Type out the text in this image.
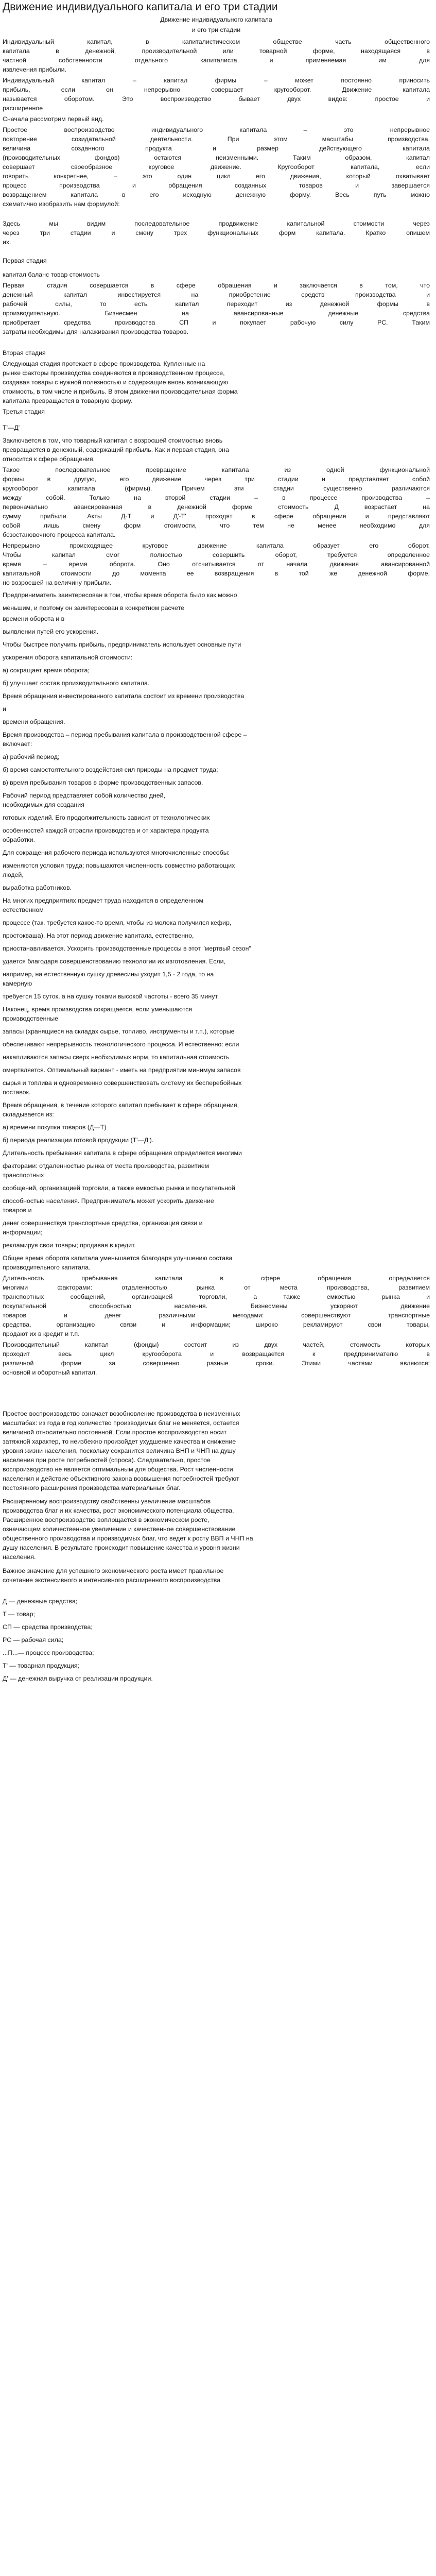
Движение индивидуального капитала и его три стадии
Движение индивидуального капитала
и его три стадии
Индивидуальный капитал, в капиталистическом обществе часть общественного
капитала в денежной, производительной или товарной форме, находящаяся в
частной собственности отдельного капиталиста и применяемая им для
извлечения прибыли.
Индивидуальный капитал – капитал фирмы – может постоянно приносить
прибыль, если он непрерывно совершает кругооборот. Движение капитала
называется оборотом. Это воспроизводство бывает двух видов: простое и
расширенное
Сначала рассмотрим первый вид.
Простое воспроизводство индивидуального капитала – это непрерывное
повторение созидательной деятельности. При этом масштабы производства,
величина созданного продукта и размер действующего капитала
(производительных фондов) остаются неизменными. Таким образом, капитал
совершает своеобразное круговое движение. Кругооборот капитала, если
говорить конкретнее, – это один цикл его движения, который охватывает
процесс производства и обращения созданных товаров и завершается
возвращением капитала в его исходную денежную форму. Весь путь можно
схематично изобразить нам формулой:
Здесь мы видим последовательное продвижение капитальной стоимости через
через три стадии и смену трех функциональных форм капитала. Кратко опишем
их.
Первая стадия
капитал баланс товар стоимость
Первая стадия совершается в сфере обращения и заключается в том, что
денежный капитал инвестируется на приобретение средств производства и
рабочей силы, то есть капитал переходит из денежной формы в
производительную. Бизнесмен на авансированные денежные средства
приобретает средства производства СП и покупает рабочую силу РС. Таким
затраты необходимы для налаживания производства товаров.
Вторая стадия
Следующая стадия протекает в сфере производства. Купленные на
рынке факторы производства соединяются в производственном процессе,
создавая товары с нужной полезностью и содержащие вновь возникающую
стоимость, в том числе и прибыль. В этом движении производительная форма
капитала превращается в товарную форму.
Третья стадия
Т'—Д'
Заключается в том, что товарный капитал с возросшей стоимостью вновь
превращается в денежный, содержащий прибыль. Как и первая стадия, она
относится к сфере обращения.
Такое последовательное превращение капитала из одной функциональной
формы в другую, его движение через три стадии и представляет собой
кругооборот капитала (фирмы). Причем эти стадии существенно различаются
между собой. Только на второй стадии – в процессе производства –
первоначально авансированная в денежной форме стоимость Д возрастает на
сумму прибыли. Акты Д-Т и Д'-Т' проходят в сфере обращения и представляют
собой лишь смену форм стоимости, что тем не менее необходимо для
безостановочного процесса капитала.
Непрерывно происходящее круговое движение капитала образует его оборот.
Чтобы капитал смог полностью совершить оборот, требуется определенное
время – время оборота. Оно отсчитывается от начала движения авансированной
капитальной стоимости до момента ее возвращения в той же денежной форме,
но возросшей на величину прибыли.
Предприниматель заинтересован в том, чтобы время оборота было как можно
меньшим, и поэтому он заинтересован в конкретном расчете
времени оборота и в
выявлении путей его ускорения.
Чтобы быстрее получить прибыль, предприниматель использует основные пути
ускорения оборота капитальной стоимости:
а) сокращает время оборота;
б) улучшает состав производительного капитала.
Время обращения инвестированного капитала состоит из времени производства
и
времени обращения.
Время производства – период пребывания капитала в производственной сфере –
включает:
а) рабочий период;
б) время самостоятельного воздействия сил природы на предмет труда;
в) время пребывания товаров в форме производственных запасов.
Рабочий период представляет собой количество дней,
необходимых для создания
готовых изделий. Его продолжительность зависит от технологических
особенностей каждой отрасли производства и от характера продукта
обработки.
Для сокращения рабочего периода используются многочисленные способы:
изменяются условия труда; повышаются численность совместно работающих
людей,
выработка работников.
На многих предприятиях предмет труда находится в определенном
естественном
процессе (так, требуется какое-то время, чтобы из молока получился кефир,
простокваша). На этот период движение капитала, естественно,
приостанавливается. Ускорить производственные процессы в этот "мертвый сезон"
удается благодаря совершенствованию технологии их изготовления. Если,
например, на естественную сушку древесины уходит 1,5 - 2 года, то на
камерную
требуется 15 суток, а на сушку токами высокой частоты - всего 35 минут.
Наконец, время производства сокращается, если уменьшаются
производственные
запасы (хранящиеся на складах сырье, топливо, инструменты и т.п.), которые
обеспечивают непрерывность технологического процесса. И естественно: если
накапливаются запасы сверх необходимых норм, то капитальная стоимость
омертвляется. Оптимальный вариант - иметь на предприятии минимум запасов
сырья и топлива и одновременно совершенствовать систему их бесперебойных
поставок.
Время обращения, в течение которого капитал пребывает в сфере обращения,
складывается из:
а) времени покупки товаров (Д—Т)
б) периода реализации готовой продукции (Т'—Д').
Длительность пребывания капитала в сфере обращения определяется многими
факторами: отдаленностью рынка от места производства, развитием
транспортных
сообщений, организацией торговли, а также емкостью рынка и покупательной
способностью населения. Предприниматель может ускорить движение
товаров и
денег совершенствуя транспортные средства, организация связи и
информации;
рекламируя свои товары; продавая в кредит.
Общее время оборота капитала уменьшается благодаря улучшению состава
производительного капитала.
Длительность пребывания капитала в сфере обращения определяется
многими факторами: отдаленностью рынка от места производства, развитием
транспортных сообщений, организацией торговли, а также емкостью рынка и
покупательной способностью населения. Бизнесмены ускоряют движение
товаров и денег различными методами: совершенствуют транспортные
средства, организацию связи и информации; широко рекламируют свои товары,
продают их в кредит и т.п.
Производительный капитал (фонды) состоит из двух частей, стоимость которых
проходит весь цикл кругооборота и возвращается к предпринимателю в
различной форме за совершенно разные сроки. Этими частями являются:
основной и оборотный капитал.
Простое воспроизводство означает возобновление производства в неизменных
масштабах: из года в год количество производимых благ не меняется, остается
величиной относительно постоянной. Если простое воспроизводство носит
затяжной характер, то неизбежно произойдет ухудшение качества и снижение
уровня жизни населения, поскольку сохранится величина ВНП и ЧНП на душу
населения при росте потребностей (спроса). Следовательно, простое
воспроизводство не является оптимальным для общества. Рост численности
населения и действие объективного закона возвышения потребностей требуют
постоянного расширения производства материальных благ.
Расширенному воспроизводству свойственны увеличение масштабов
производства благ и их качества, рост экономического потенциала общества.
Расширенное воспроизводство воплощается в экономическом росте,
означающем количественное увеличение и качественное совершенствование
общественного производства и производимых благ, что ведет к росту ВВП и ЧНП на
душу населения. В результате происходит повышение качества и уровня жизни
населения.
Важное значение для успешного экономического роста имеет правильное
сочетание экстенсивного и интенсивного расширенного воспроизводства
Д — денежные средства;
Т — товар;
СП — средства производства;
PC — рабочая сила;
...П...— процесс производства;
Т' — товарная продукция;
Д' — денежная выручка от реализации продукции.
